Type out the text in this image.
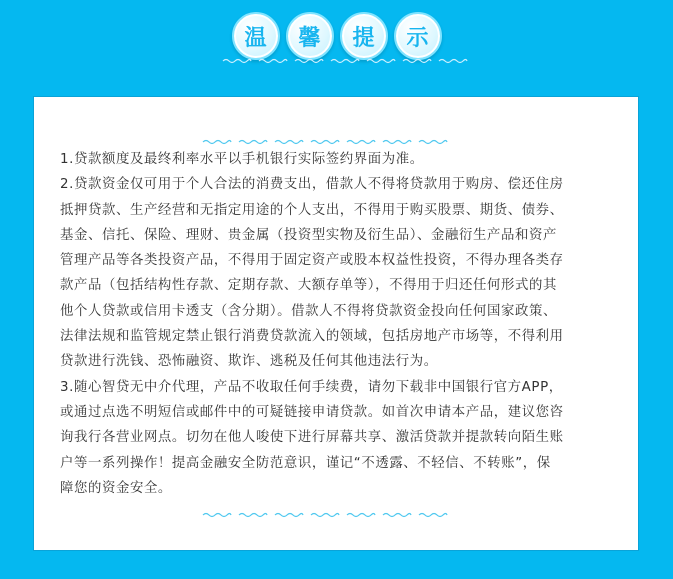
温	馨	提	示
1.贷款额度及最终利率水平以手机银行实际签约界面为准。
2.贷款资金仅可用于个人合法的消费支出，借款人不得将贷款用于购房、偿还住房
抵押贷款、生产经营和无指定用途的个人支出，不得用于购买股票、期货、债券、
基金、信托、保险、理财、贵金属（投资型实物及衍生品）、金融衍生产品和资产
管理产品等各类投资产品，不得用于固定资产或股本权益性投资，不得办理各类存
款产品（包括结构性存款、定期存款、大额存单等），不得用于归还任何形式的其
他个人贷款或信用卡透支（含分期）。借款人不得将贷款资金投向任何国家政策、
法律法规和监管规定禁止银行消费贷款流入的领域，包括房地产市场等，不得利用
贷款进行洗钱、恐怖融资、欺诈、逃税及任何其他违法行为。
3.随心智贷无中介代理，产品不收取任何手续费，请勿下载非中国银行官方APP，
或通过点选不明短信或邮件中的可疑链接申请贷款。如首次申请本产品，建议您咨
询我行各营业网点。切勿在他人唆使下进行屏幕共享、激活贷款并提款转向陌生账
户等一系列操作！提高金融安全防范意识，谨记“不透露、不轻信、不转账”，保
障您的资金安全。
